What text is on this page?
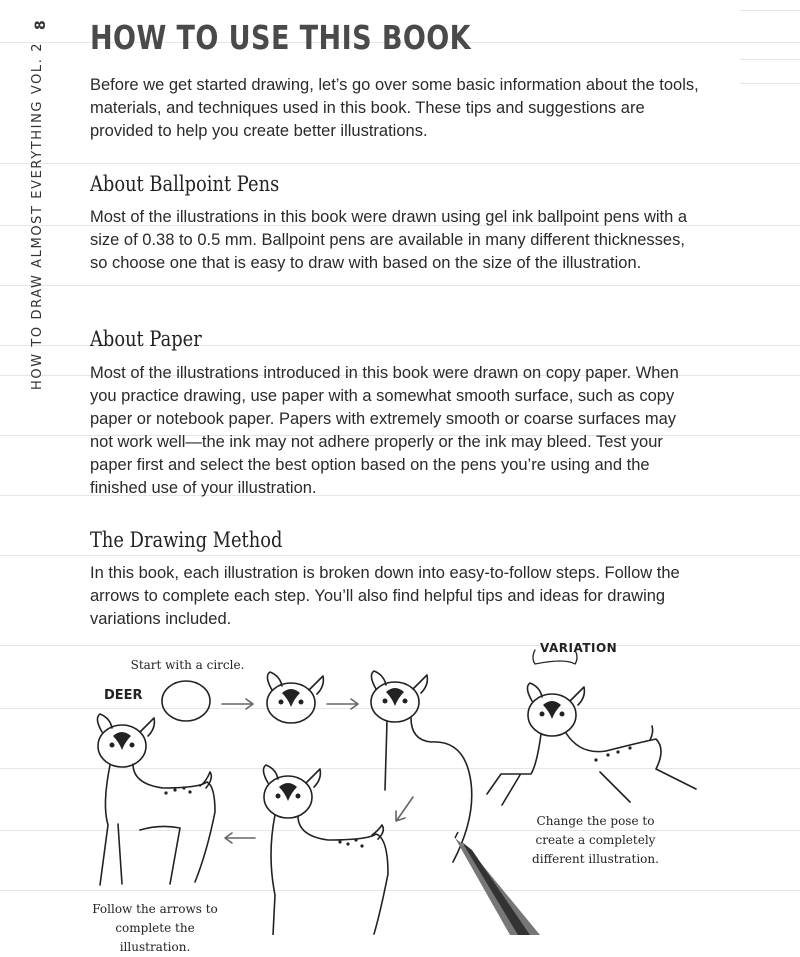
8
HOW TO DRAW ALMOST EVERYTHING VOL. 2
HOW TO USE THIS BOOK
Before we get started drawing, let’s go over some basic information about the tools, materials, and techniques used in this book. These tips and suggestions are provided to help you create better illustrations.
About Ballpoint Pens
Most of the illustrations in this book were drawn using gel ink ballpoint pens with a size of 0.38 to 0.5 mm. Ballpoint pens are available in many different thicknesses, so choose one that is easy to draw with based on the size of the illustration.
About Paper
Most of the illustrations introduced in this book were drawn on copy paper. When you practice drawing, use paper with a somewhat smooth surface, such as copy paper or notebook paper. Papers with extremely smooth or coarse surfaces may not work well—the ink may not adhere properly or the ink may bleed. Test your paper first and select the best option based on the pens you’re using and the finished use of your illustration.
The Drawing Method
In this book, each illustration is broken down into easy-to-follow steps. Follow the arrows to complete each step. You’ll also find helpful tips and ideas for drawing variations included.
Start with a circle.
DEER
VARIATION
Change the pose to
create a completely
different illustration.
Follow the arrows to
complete the illustration.
